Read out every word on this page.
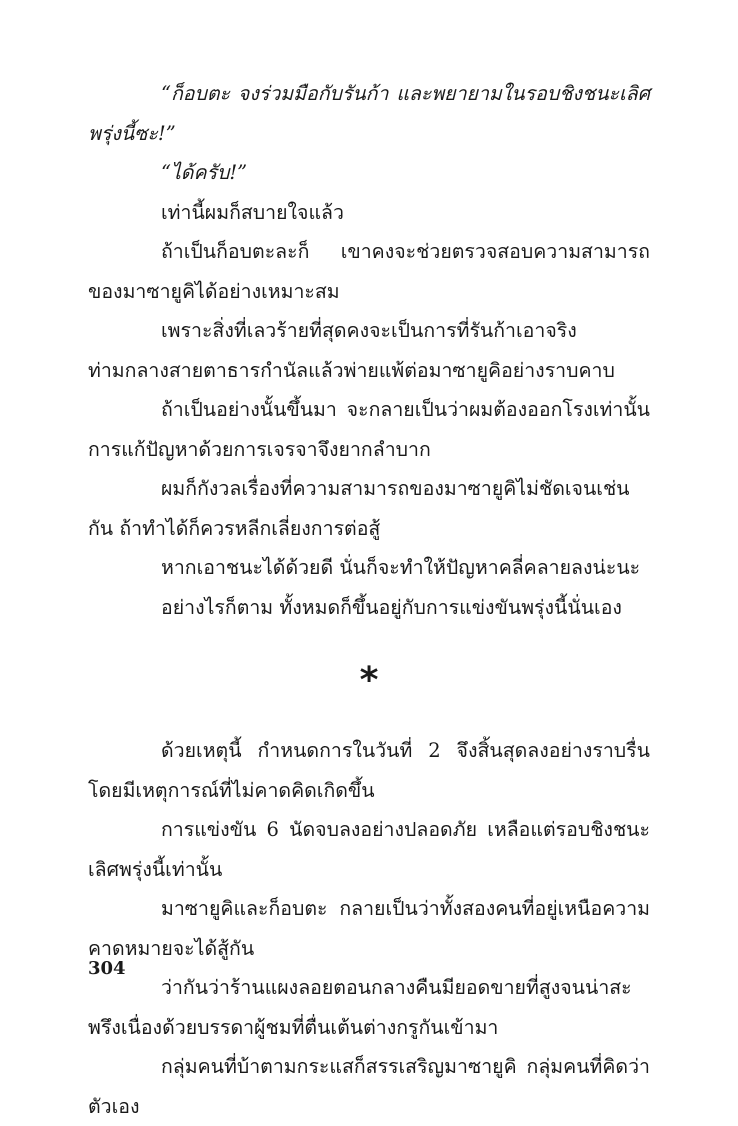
“ก็อบตะ จงร่วมมือกับรันก้า และพยายามในรอบชิงชนะเลิศพรุ่งนี้ซะ!”

“ได้ครับ!”

เท่านี้ผมก็สบายใจแล้ว

ถ้าเป็นก็อบตะละก็ เขาคงจะช่วยตรวจสอบความสามารถของมาซายูคิได้อย่างเหมาะสม

เพราะสิ่งที่เลวร้ายที่สุดคงจะเป็นการที่รันก้าเอาจริงท่ามกลางสายตาธารกำนัลแล้วพ่ายแพ้ต่อมาซายูคิอย่างราบคาบ

ถ้าเป็นอย่างนั้นขึ้นมา จะกลายเป็นว่าผมต้องออกโรงเท่านั้น การแก้ปัญหาด้วยการเจรจาจึงยากลำบาก

ผมก็กังวลเรื่องที่ความสามารถของมาซายูคิไม่ชัดเจนเช่นกัน ถ้าทำได้ก็ควรหลีกเลี่ยงการต่อสู้

หากเอาชนะได้ด้วยดี นั่นก็จะทำให้ปัญหาคลี่คลายลงน่ะนะ

อย่างไรก็ตาม ทั้งหมดก็ขึ้นอยู่กับการแข่งขันพรุ่งนี้นั่นเอง

*

ด้วยเหตุนี้ กำหนดการในวันที่ 2 จึงสิ้นสุดลงอย่างราบรื่น โดยมีเหตุการณ์ที่ไม่คาดคิดเกิดขึ้น

การแข่งขัน 6 นัดจบลงอย่างปลอดภัย เหลือแต่รอบชิงชนะเลิศพรุ่งนี้เท่านั้น

มาซายูคิและก็อบตะ กลายเป็นว่าทั้งสองคนที่อยู่เหนือความคาดหมายจะได้สู้กัน

ว่ากันว่าร้านแผงลอยตอนกลางคืนมียอดขายที่สูงจนน่าสะพรึงเนื่องด้วยบรรดาผู้ชมที่ตื่นเต้นต่างกรูกันเข้ามา

กลุ่มคนที่บ้าตามกระแสก็สรรเสริญมาซายูคิ กลุ่มคนที่คิดว่าตัวเอง

304
